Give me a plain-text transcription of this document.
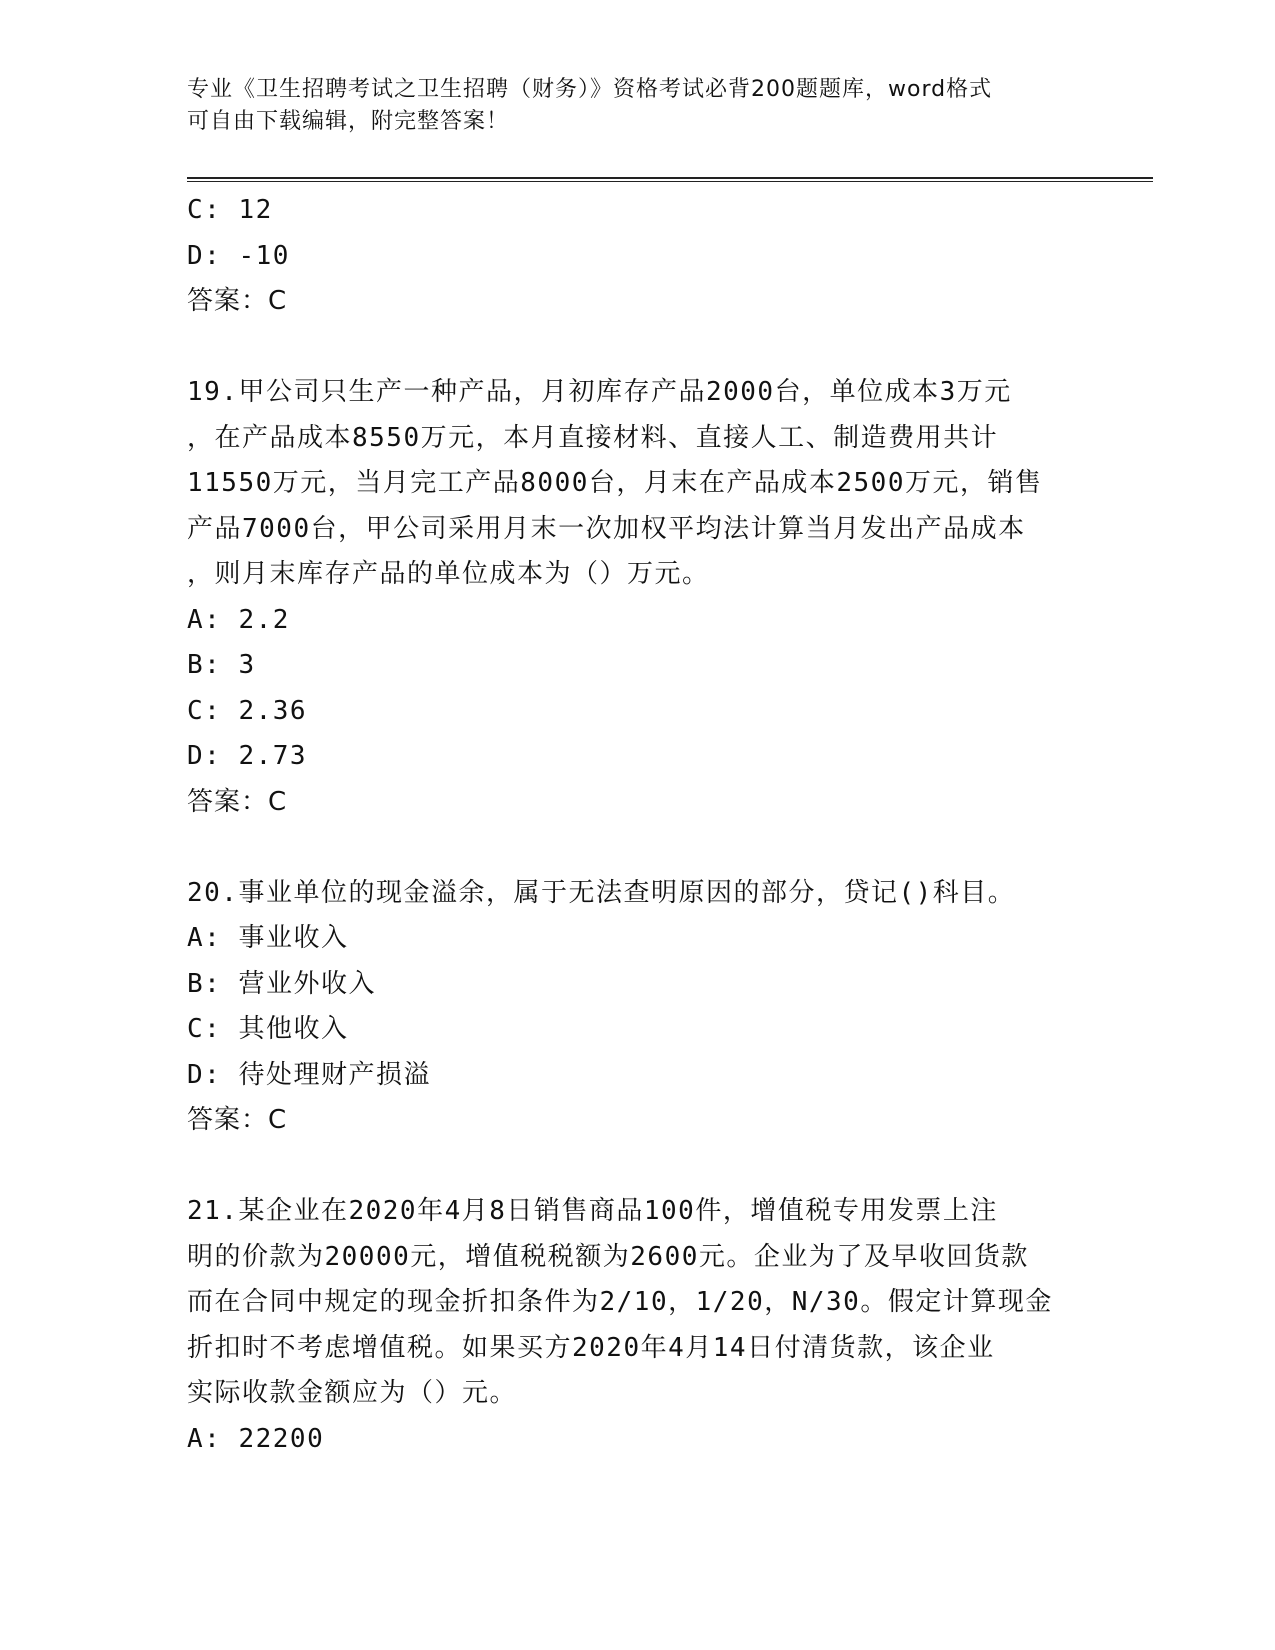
专业《卫生招聘考试之卫生招聘（财务）》资格考试必背200题题库，word格式
可自由下载编辑，附完整答案！
C: 12
D: -10
答案：C
19.甲公司只生产一种产品，月初库存产品2000台，单位成本3万元
，在产品成本8550万元，本月直接材料、直接人工、制造费用共计
11550万元，当月完工产品8000台，月末在产品成本2500万元，销售
产品7000台，甲公司采用月末一次加权平均法计算当月发出产品成本
，则月末库存产品的单位成本为（）万元。
A: 2.2
B: 3
C: 2.36
D: 2.73
答案：C
20.事业单位的现金溢余，属于无法查明原因的部分，贷记()科目。
A: 事业收入
B: 营业外收入
C: 其他收入
D: 待处理财产损溢
答案：C
21.某企业在2020年4月8日销售商品100件，增值税专用发票上注
明的价款为20000元，增值税税额为2600元。企业为了及早收回货款
而在合同中规定的现金折扣条件为2/10，1/20，N/30。假定计算现金
折扣时不考虑增值税。如果买方2020年4月14日付清货款，该企业
实际收款金额应为（）元。
A: 22200
